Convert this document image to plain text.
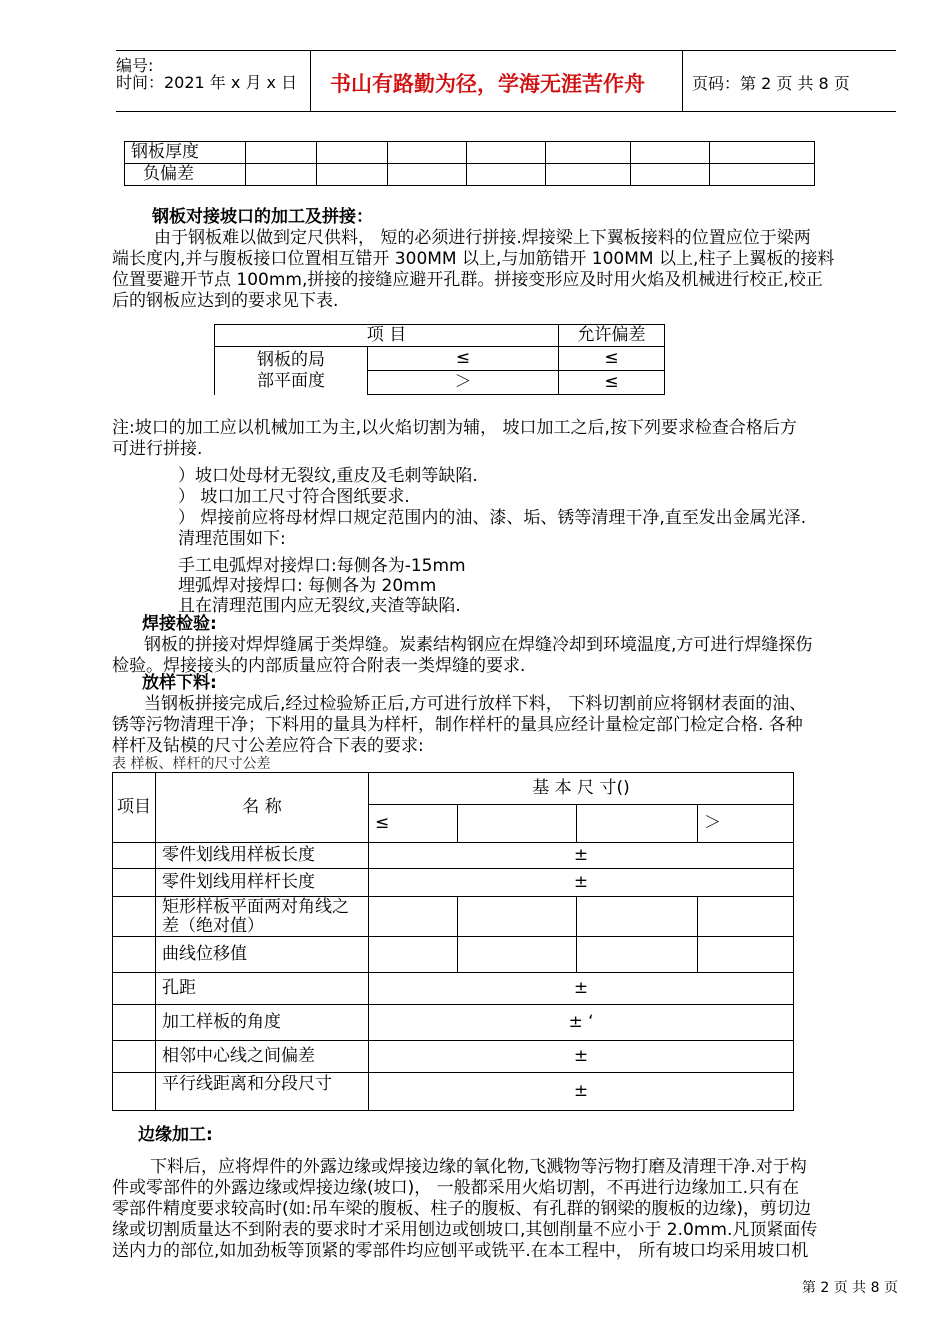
编号:
时间：2021 年 x 月 x 日 书山有路勤为径，学海无涯苦作舟	页码：第 2 页 共 8 页
钢板厚度							
负偏差							
钢板对接坡口的加工及拼接：
由于钢板难以做到定尺供料， 短的必须进行拼接.焊接梁上下翼板接料的位置应位于梁两
端长度内,并与腹板接口位置相互错开 300MM 以上,与加筋错开 100MM 以上,柱子上翼板的接料
位置要避开节点 100mm,拼接的接缝应避开孔群。拼接变形应及时用火焰及机械进行校正,校正
后的钢板应达到的要求见下表.
项 目		允许偏差
钢板的局
部平面度	≤	≤
	＞	≤
注:坡口的加工应以机械加工为主,以火焰切割为辅， 坡口加工之后,按下列要求检查合格后方
可进行拼接.
）坡口处母材无裂纹,重皮及毛刺等缺陷.
） 坡口加工尺寸符合图纸要求.
） 焊接前应将母材焊口规定范围内的油、漆、垢、锈等清理干净,直至发出金属光泽.
清理范围如下:
手工电弧焊对接焊口:每侧各为-15mm
埋弧焊对接焊口: 每侧各为 20mm
且在清理范围内应无裂纹,夹渣等缺陷.
焊接检验:
钢板的拼接对焊焊缝属于类焊缝。炭素结构钢应在焊缝冷却到环境温度,方可进行焊缝探伤
检验。焊接接头的内部质量应符合附表一类焊缝的要求.
放样下料:
当钢板拼接完成后,经过检验矫正后,方可进行放样下料， 下料切割前应将钢材表面的油、
锈等污物清理干净；下料用的量具为样杆，制作样杆的量具应经计量检定部门检定合格. 各种
样杆及钻模的尺寸公差应符合下表的要求:
表 样板、样杆的尺寸公差
项目	名 称	基 本 尺 寸()			
		≤			＞
	零件划线用样板长度	±			
	零件划线用样杆长度	±			
	矩形样板平面两对角线之差（绝对值）				
	曲线位移值				
	孔距	±			
	加工样板的角度	± ‘			
	相邻中心线之间偏差	±			
	平行线距离和分段尺寸	±			
边缘加工:
下料后，应将焊件的外露边缘或焊接边缘的氧化物,飞溅物等污物打磨及清理干净.对于构
件或零部件的外露边缘或焊接边缘(坡口)， 一般都采用火焰切割，不再进行边缘加工.只有在
零部件精度要求较高时(如:吊车梁的腹板、柱子的腹板、有孔群的钢梁的腹板的边缘)，剪切边
缘或切割质量达不到附表的要求时才采用刨边或刨坡口,其刨削量不应小于 2.0mm.凡顶紧面传
送内力的部位,如加劲板等顶紧的零部件均应刨平或铣平.在本工程中， 所有坡口均采用坡口机
第 2 页 共 8 页
